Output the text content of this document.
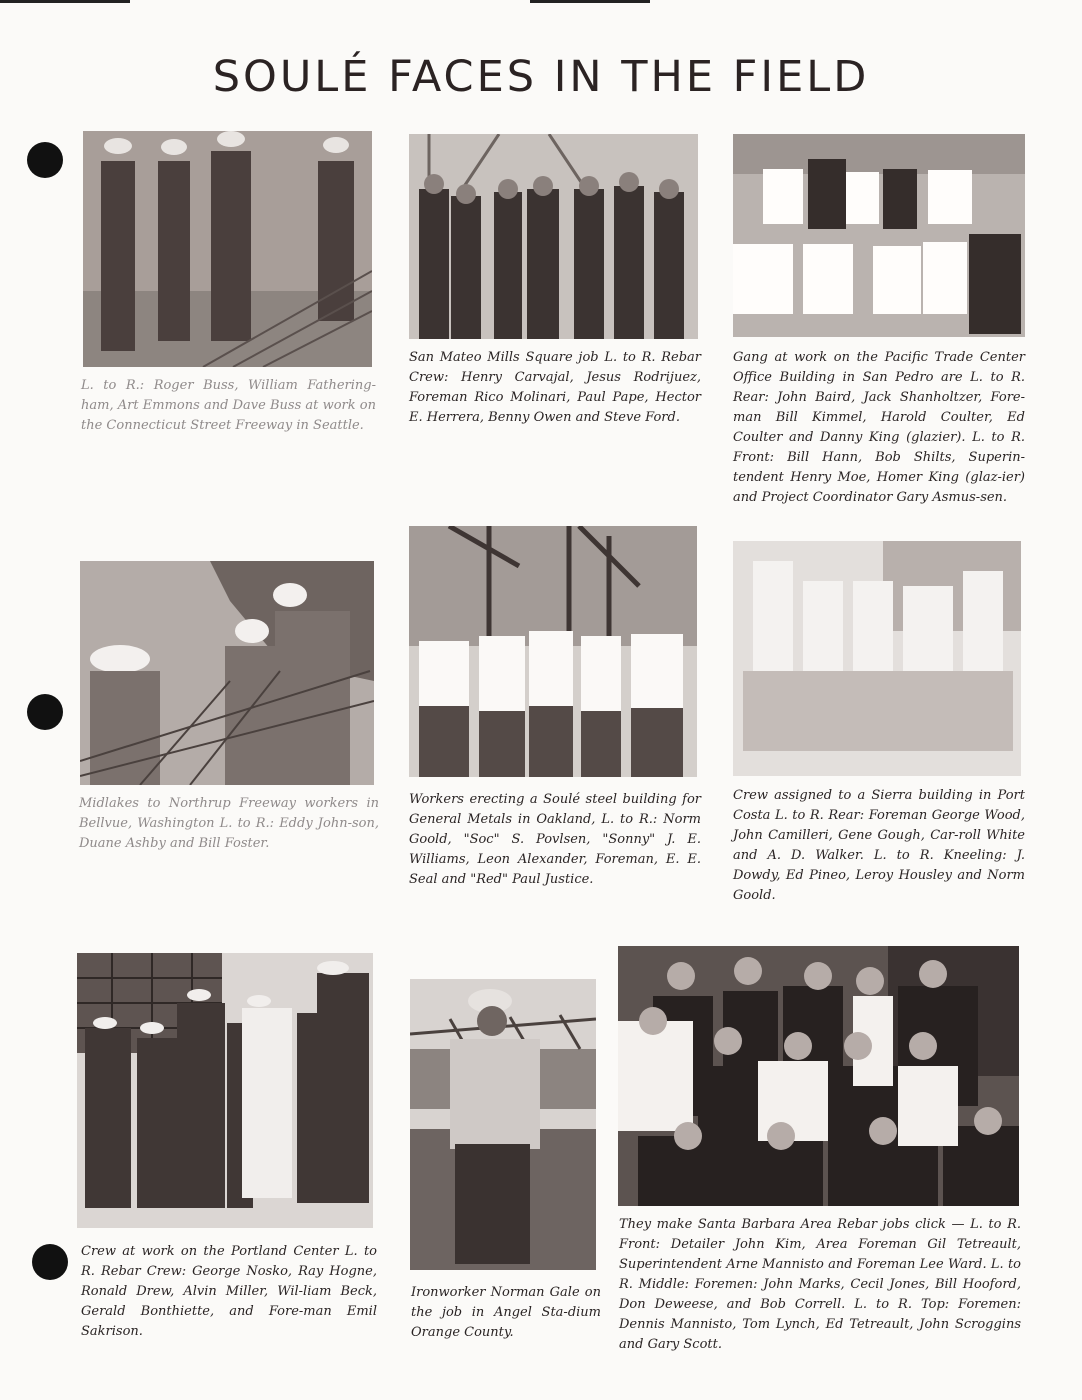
SOULÉ FACES IN THE FIELD
L. to R.: Roger Buss, William Fathering-ham, Art Emmons and Dave Buss at work on the Connecticut Street Freeway in Seattle.
San Mateo Mills Square job L. to R. Rebar Crew: Henry Carvajal, Jesus Rodrijuez, Foreman Rico Molinari, Paul Pape, Hector E. Herrera, Benny Owen and Steve Ford.
Gang at work on the Pacific Trade Center Office Building in San Pedro are L. to R. Rear: John Baird, Jack Shanholtzer, Fore-man Bill Kimmel, Harold Coulter, Ed Coulter and Danny King (glazier). L. to R. Front: Bill Hann, Bob Shilts, Superin-tendent Henry Moe, Homer King (glaz-ier) and Project Coordinator Gary Asmus-sen.
Midlakes to Northrup Freeway workers in Bellvue, Washington L. to R.: Eddy John-son, Duane Ashby and Bill Foster.
Workers erecting a Soulé steel building for General Metals in Oakland, L. to R.: Norm Goold, "Soc" S. Povlsen, "Sonny" J. E. Williams, Leon Alexander, Foreman, E. E. Seal and "Red" Paul Justice.
Crew assigned to a Sierra building in Port Costa L. to R. Rear: Foreman George Wood, John Camilleri, Gene Gough, Car-roll White and A. D. Walker. L. to R. Kneeling: J. Dowdy, Ed Pineo, Leroy Housley and Norm Goold.
Crew at work on the Portland Center L. to R. Rebar Crew: George Nosko, Ray Hogne, Ronald Drew, Alvin Miller, Wil-liam Beck, Gerald Bonthiette, and Fore-man Emil Sakrison.
Ironworker Norman Gale on the job in Angel Sta-dium Orange County.
They make Santa Barbara Area Rebar jobs click — L. to R. Front: Detailer John Kim, Area Foreman Gil Tetreault, Superintendent Arne Mannisto and Foreman Lee Ward. L. to R. Middle: Foremen: John Marks, Cecil Jones, Bill Hooford, Don Deweese, and Bob Correll. L. to R. Top: Foremen: Dennis Mannisto, Tom Lynch, Ed Tetreault, John Scroggins and Gary Scott.
